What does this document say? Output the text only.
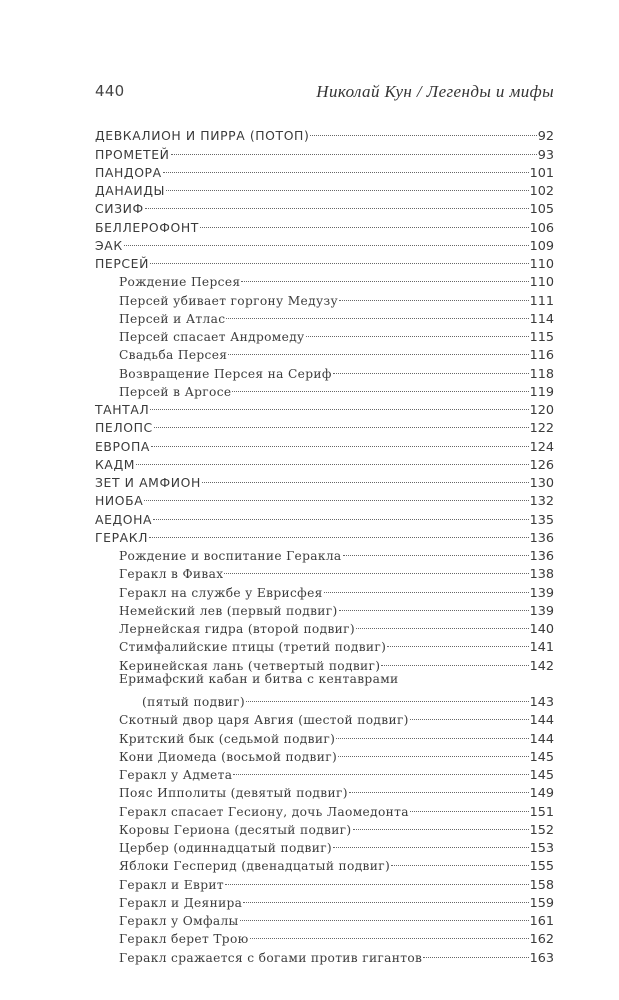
440	Николай Кун / Легенды и мифы
ДЕВКАЛИОН И ПИРРА (ПОТОП)	92
ПРОМЕТЕЙ	93
ПАНДОРА	101
ДАНАИДЫ	102
СИЗИФ	105
БЕЛЛЕРОФОНТ	106
ЭАК	109
ПЕРСЕЙ	110
Рождение Персея	110
Персей убивает горгону Медузу	111
Персей и Атлас	114
Персей спасает Андромеду	115
Свадьба Персея	116
Возвращение Персея на Сериф	118
Персей в Аргосе	119
ТАНТАЛ	120
ПЕЛОПС	122
ЕВРОПА	124
КАДМ	126
ЗЕТ И АМФИОН	130
НИОБА	132
АЕДОНА	135
ГЕРАКЛ	136
Рождение и воспитание Геракла	136
Геракл в Фивах	138
Геракл на службе у Еврисфея	139
Немейский лев (первый подвиг)	139
Лернейская гидра (второй подвиг)	140
Стимфалийские птицы (третий подвиг)	141
Керинейская лань (четвертый подвиг)	142
Еримафский кабан и битва с кентаврами
(пятый подвиг)	143
Скотный двор царя Авгия (шестой подвиг)	144
Критский бык (седьмой подвиг)	144
Кони Диомеда (восьмой подвиг)	145
Геракл у Адмета	145
Пояс Ипполиты (девятый подвиг)	149
Геракл спасает Гесиону, дочь Лаомедонта	151
Коровы Гериона (десятый подвиг)	152
Цербер (одиннадцатый подвиг)	153
Яблоки Гесперид (двенадцатый подвиг)	155
Геракл и Еврит	158
Геракл и Деянира	159
Геракл у Омфалы	161
Геракл берет Трою	162
Геракл сражается с богами против гигантов	163
